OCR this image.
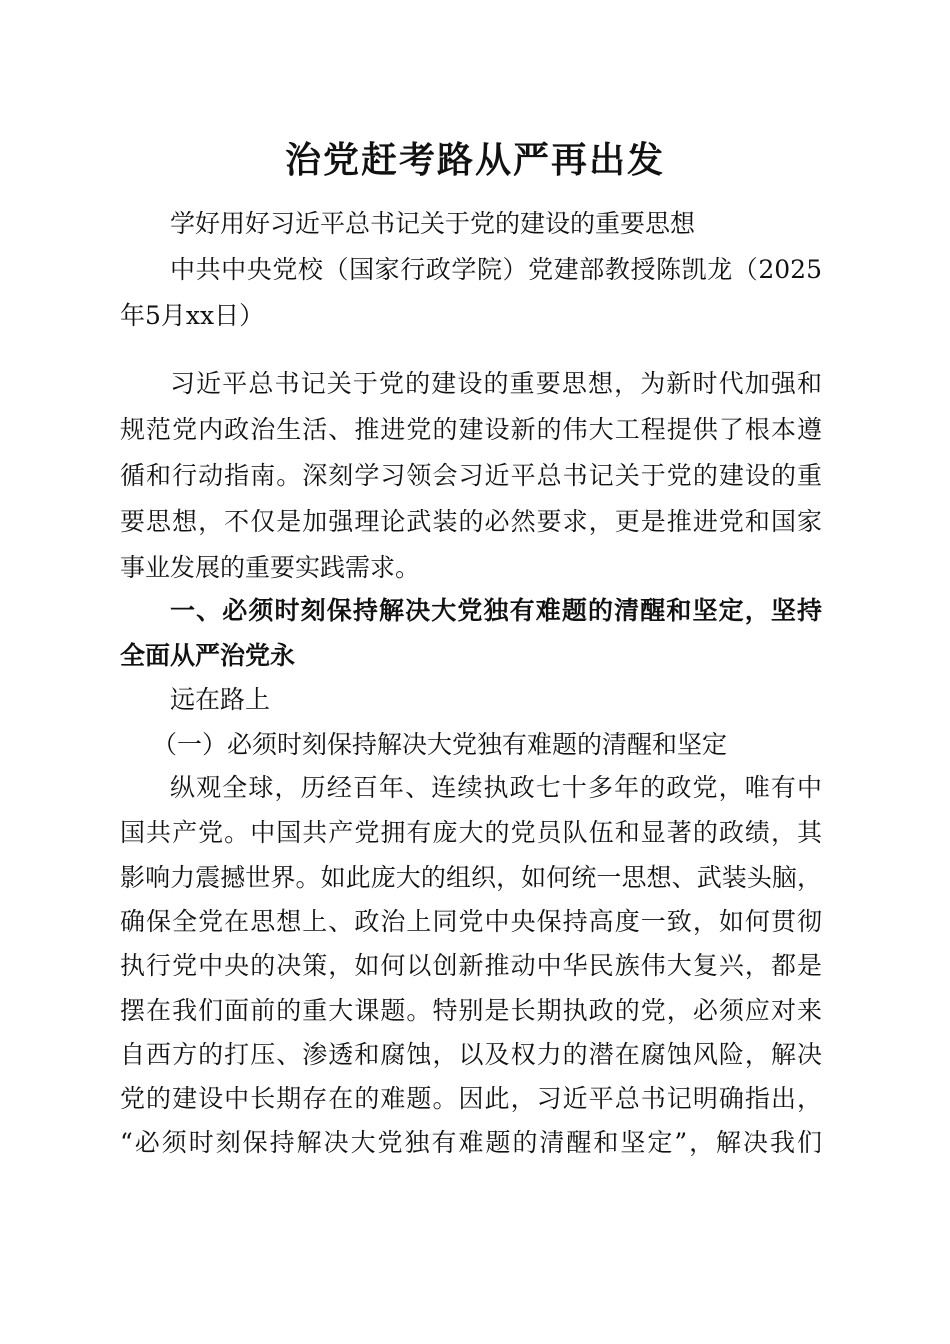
治党赶考路从严再出发
学好用好习近平总书记关于党的建设的重要思想
中共中央党校（国家行政学院）党建部教授陈凯龙（2025
年5月xx日）
习近平总书记关于党的建设的重要思想，为新时代加强和
规范党内政治生活、推进党的建设新的伟大工程提供了根本遵
循和行动指南。深刻学习领会习近平总书记关于党的建设的重
要思想，不仅是加强理论武装的必然要求，更是推进党和国家
事业发展的重要实践需求。
一、必须时刻保持解决大党独有难题的清醒和坚定，坚持
全面从严治党永
远在路上
（一）必须时刻保持解决大党独有难题的清醒和坚定
纵观全球，历经百年、连续执政七十多年的政党，唯有中
国共产党。中国共产党拥有庞大的党员队伍和显著的政绩，其
影响力震撼世界。如此庞大的组织，如何统一思想、武装头脑，
确保全党在思想上、政治上同党中央保持高度一致，如何贯彻
执行党中央的决策，如何以创新推动中华民族伟大复兴，都是
摆在我们面前的重大课题。特别是长期执政的党，必须应对来
自西方的打压、渗透和腐蚀，以及权力的潜在腐蚀风险，解决
党的建设中长期存在的难题。因此，习近平总书记明确指出，
“必须时刻保持解决大党独有难题的清醒和坚定”，解决我们
